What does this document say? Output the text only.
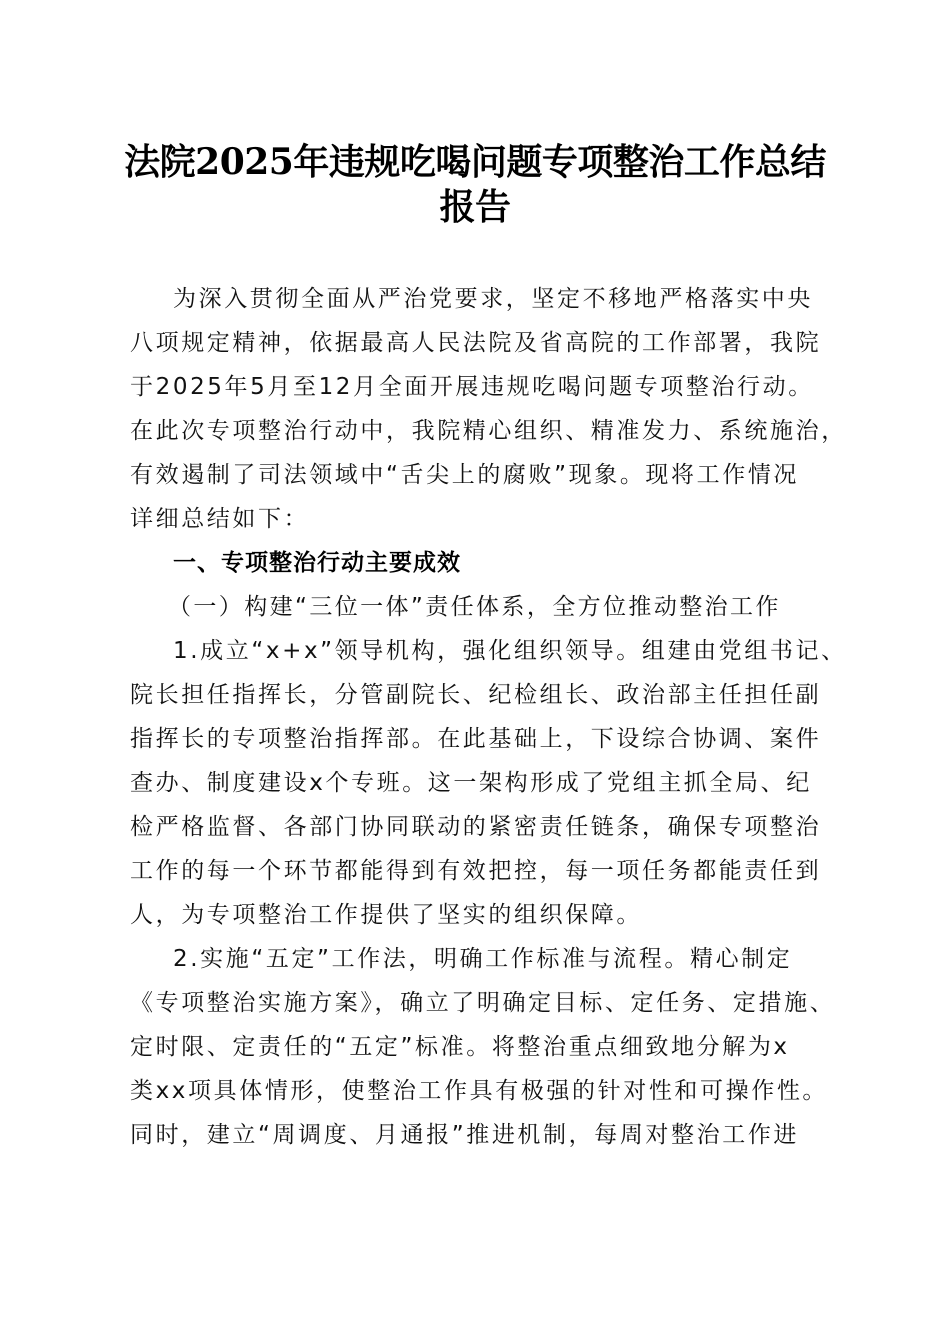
法院2025年违规吃喝问题专项整治工作总结
报告
为深入贯彻全面从严治党要求，坚定不移地严格落实中央
八项规定精神，依据最高人民法院及省高院的工作部署，我院
于2025年5月至12月全面开展违规吃喝问题专项整治行动。
在此次专项整治行动中，我院精心组织、精准发力、系统施治，
有效遏制了司法领域中“舌尖上的腐败”现象。现将工作情况
详细总结如下：
一、专项整治行动主要成效
（一）构建“三位一体”责任体系，全方位推动整治工作
1.成立“x+x”领导机构，强化组织领导。组建由党组书记、
院长担任指挥长，分管副院长、纪检组长、政治部主任担任副
指挥长的专项整治指挥部。在此基础上，下设综合协调、案件
查办、制度建设x个专班。这一架构形成了党组主抓全局、纪
检严格监督、各部门协同联动的紧密责任链条，确保专项整治
工作的每一个环节都能得到有效把控，每一项任务都能责任到
人，为专项整治工作提供了坚实的组织保障。
2.实施“五定”工作法，明确工作标准与流程。精心制定
《专项整治实施方案》，确立了明确定目标、定任务、定措施、
定时限、定责任的“五定”标准。将整治重点细致地分解为x
类xx项具体情形，使整治工作具有极强的针对性和可操作性。
同时，建立“周调度、月通报”推进机制，每周对整治工作进
